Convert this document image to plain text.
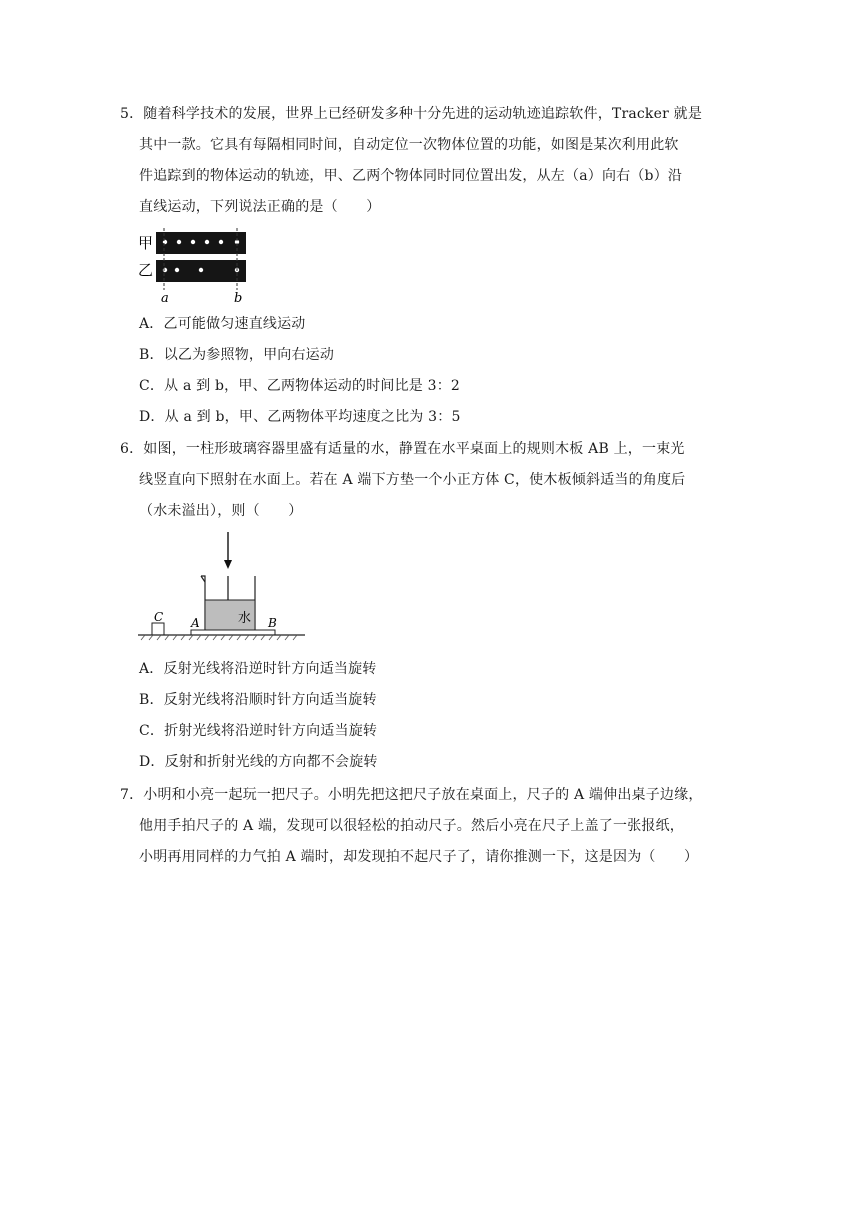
5．随着科学技术的发展，世界上已经研发多种十分先进的运动轨迹追踪软件，Tracker 就是
其中一款。它具有每隔相同时间，自动定位一次物体位置的功能，如图是某次利用此软
件追踪到的物体运动的轨迹，甲、乙两个物体同时同位置出发，从左（a）向右（b）沿
直线运动，下列说法正确的是（　　）
甲
乙
a	b
A．乙可能做匀速直线运动
B．以乙为参照物，甲向右运动
C．从 a 到 b，甲、乙两物体运动的时间比是 3：2
D．从 a 到 b，甲、乙两物体平均速度之比为 3：5
6．如图，一柱形玻璃容器里盛有适量的水，静置在水平桌面上的规则木板 AB 上，一束光
线竖直向下照射在水面上。若在 A 端下方垫一个小正方体 C，使木板倾斜适当的角度后
（水未溢出），则（　　）
水
C A	B
A．反射光线将沿逆时针方向适当旋转
B．反射光线将沿顺时针方向适当旋转
C．折射光线将沿逆时针方向适当旋转
D．反射和折射光线的方向都不会旋转
7．小明和小亮一起玩一把尺子。小明先把这把尺子放在桌面上，尺子的 A 端伸出桌子边缘，
他用手拍尺子的 A 端，发现可以很轻松的拍动尺子。然后小亮在尺子上盖了一张报纸，
小明再用同样的力气拍 A 端时，却发现拍不起尺子了，请你推测一下，这是因为（　　）
